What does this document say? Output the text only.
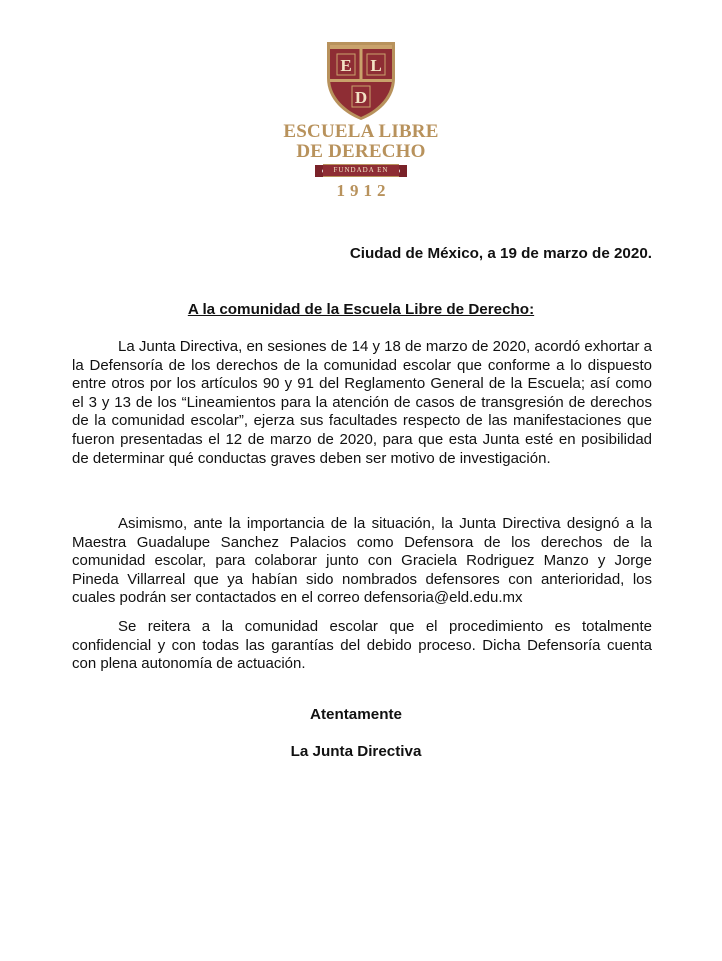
E L
D
ESCUELA LIBRE
DE DERECHO
FUNDADA EN
1912
Ciudad de México, a 19 de marzo de 2020.
A la comunidad de la Escuela Libre de Derecho:

La Junta Directiva, en sesiones de 14 y 18 de marzo de 2020, acordó exhortar a la Defensoría de los derechos de la comunidad escolar que conforme a lo dispuesto entre otros por los artículos 90 y 91 del Reglamento General de la Escuela; así como el 3 y 13 de los “Lineamientos para la atención de casos de transgresión de derechos de la comunidad escolar”, ejerza sus facultades respecto de las manifestaciones que fueron presentadas el 12 de marzo de 2020, para que esta Junta esté en posibilidad de determinar qué conductas graves deben ser motivo de investigación.

Asimismo, ante la importancia de la situación, la Junta Directiva designó a la Maestra Guadalupe Sanchez Palacios como Defensora de los derechos de la comunidad escolar, para colaborar junto con Graciela Rodriguez Manzo y Jorge Pineda Villarreal que ya habían sido nombrados defensores con anterioridad, los cuales podrán ser contactados en el correo defensoria@eld.edu.mx

Se reitera a la comunidad escolar que el procedimiento es totalmente confidencial y con todas las garantías del debido proceso. Dicha Defensoría cuenta con plena autonomía de actuación.

Atentamente
La Junta Directiva
